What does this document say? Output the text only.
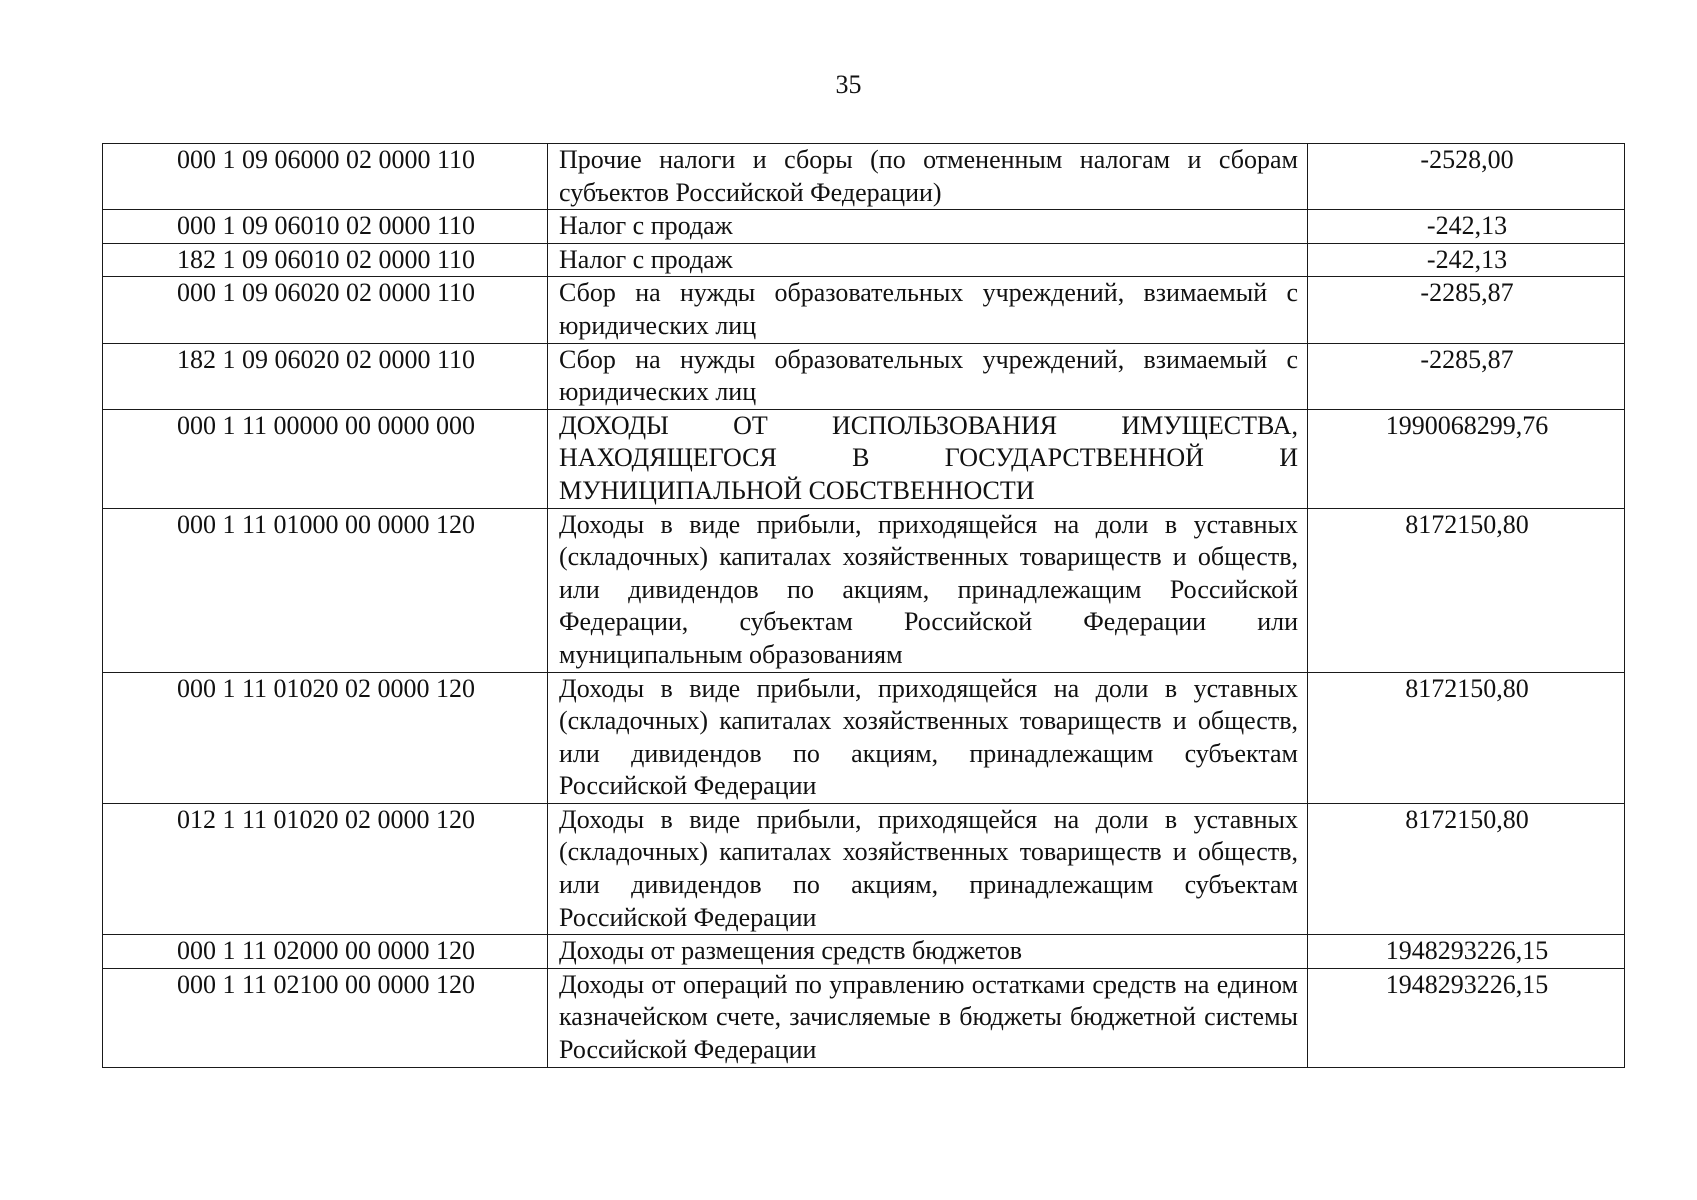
35
000 1 09 06000 02 0000 110	Прочие налоги и сборы (по отмененным налогам и сборам субъектов Российской Федерации)	-2528,00
000 1 09 06010 02 0000 110	Налог с продаж	-242,13
182 1 09 06010 02 0000 110	Налог с продаж	-242,13
000 1 09 06020 02 0000 110	Сбор на нужды образовательных учреждений, взимаемый с юридических лиц	-2285,87
182 1 09 06020 02 0000 110	Сбор на нужды образовательных учреждений, взимаемый с юридических лиц	-2285,87
000 1 11 00000 00 0000 000	ДОХОДЫ ОТ ИСПОЛЬЗОВАНИЯ ИМУЩЕСТВА, НАХОДЯЩЕГОСЯ В ГОСУДАРСТВЕННОЙ И МУНИЦИПАЛЬНОЙ СОБСТВЕННОСТИ	1990068299,76
000 1 11 01000 00 0000 120	Доходы в виде прибыли, приходящейся на доли в уставных (складочных) капиталах хозяйственных товариществ и обществ, или дивидендов по акциям, принадлежащим Российской Федерации, субъектам Российской Федерации или муниципальным образованиям	8172150,80
000 1 11 01020 02 0000 120	Доходы в виде прибыли, приходящейся на доли в уставных (складочных) капиталах хозяйственных товариществ и обществ, или дивидендов по акциям, принадлежащим субъектам Российской Федерации	8172150,80
012 1 11 01020 02 0000 120	Доходы в виде прибыли, приходящейся на доли в уставных (складочных) капиталах хозяйственных товариществ и обществ, или дивидендов по акциям, принадлежащим субъектам Российской Федерации	8172150,80
000 1 11 02000 00 0000 120	Доходы от размещения средств бюджетов	1948293226,15
000 1 11 02100 00 0000 120	Доходы от операций по управлению остатками средств на едином казначейском счете, зачисляемые в бюджеты бюджетной системы Российской Федерации	1948293226,15
